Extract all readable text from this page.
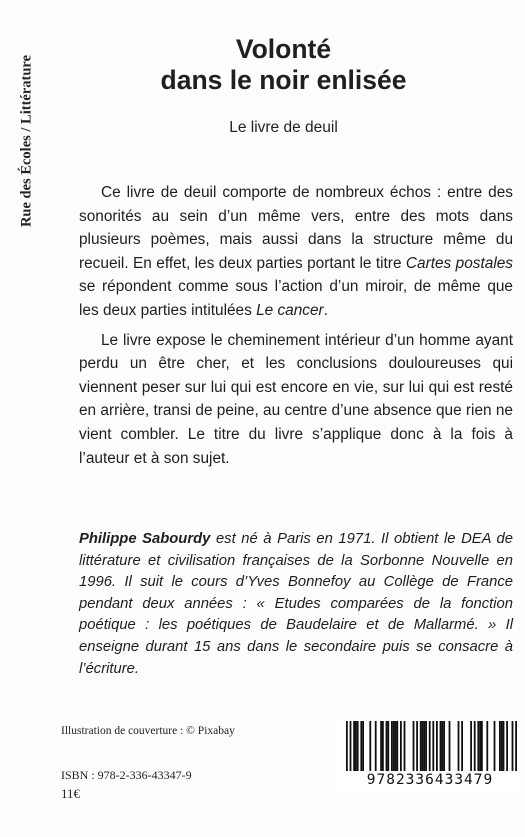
Rue des Écoles / Littérature
Volonté
dans le noir enlisée
Le livre de deuil

Ce livre de deuil comporte de nombreux échos : entre des sonorités au sein d’un même vers, entre des mots dans plusieurs poèmes, mais aussi dans la structure même du recueil. En effet, les deux parties portant le titre Cartes postales se répondent comme sous l’action d’un miroir, de même que les deux parties intitulées Le cancer.

Le livre expose le cheminement intérieur d’un homme ayant perdu un être cher, et les conclusions douloureuses qui viennent peser sur lui qui est encore en vie, sur lui qui est resté en arrière, transi de peine, au centre d’une absence que rien ne vient combler. Le titre du livre s’applique donc à la fois à l’auteur et à son sujet.

Philippe Sabourdy est né à Paris en 1971. Il obtient le DEA de littérature et civilisation françaises de la Sorbonne Nouvelle en 1996. Il suit le cours d’Yves Bonnefoy au Collège de France pendant deux années : « Etudes comparées de la fonction poétique : les poétiques de Baudelaire et de Mallarmé. » Il enseigne durant 15 ans dans le secondaire puis se consacre à l’écriture.
Illustration de couverture : © Pixabay
ISBN : 978-2-336-43347-9
11€
9782336433479
